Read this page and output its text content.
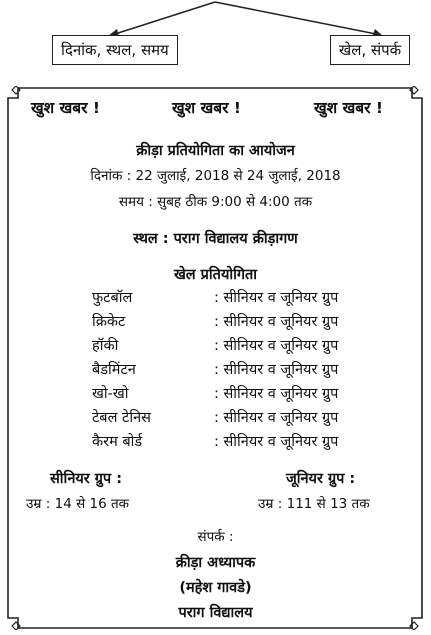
दिनांक, स्थल, समय	खेल, संपर्क
खुश खबर !	खुश खबर !	खुश खबर !
क्रीड़ा प्रतियोगिता का आयोजन
दिनांक : 22 जुलाई, 2018 से 24 जुलाई, 2018
समय : सुबह ठीक 9:00 से 4:00 तक
स्थल : पराग विद्यालय क्रीड़ागण
खेल प्रतियोगिता
फुटबॉल	: सीनियर व जूनियर ग्रुप
क्रिकेट	: सीनियर व जूनियर ग्रुप
हॉकी	: सीनियर व जूनियर ग्रुप
बैडमिंटन	: सीनियर व जूनियर ग्रुप
खो-खो	: सीनियर व जूनियर ग्रुप
टेबल टेनिस	: सीनियर व जूनियर ग्रुप
कैरम बोर्ड	: सीनियर व जूनियर ग्रुप
सीनियर ग्रुप :
उम्र : 14 से 16 तक
जूनियर ग्रुप :
उम्र : 111 से 13 तक
संपर्क :
क्रीड़ा अध्यापक
(महेश गावडे)
पराग विद्यालय
